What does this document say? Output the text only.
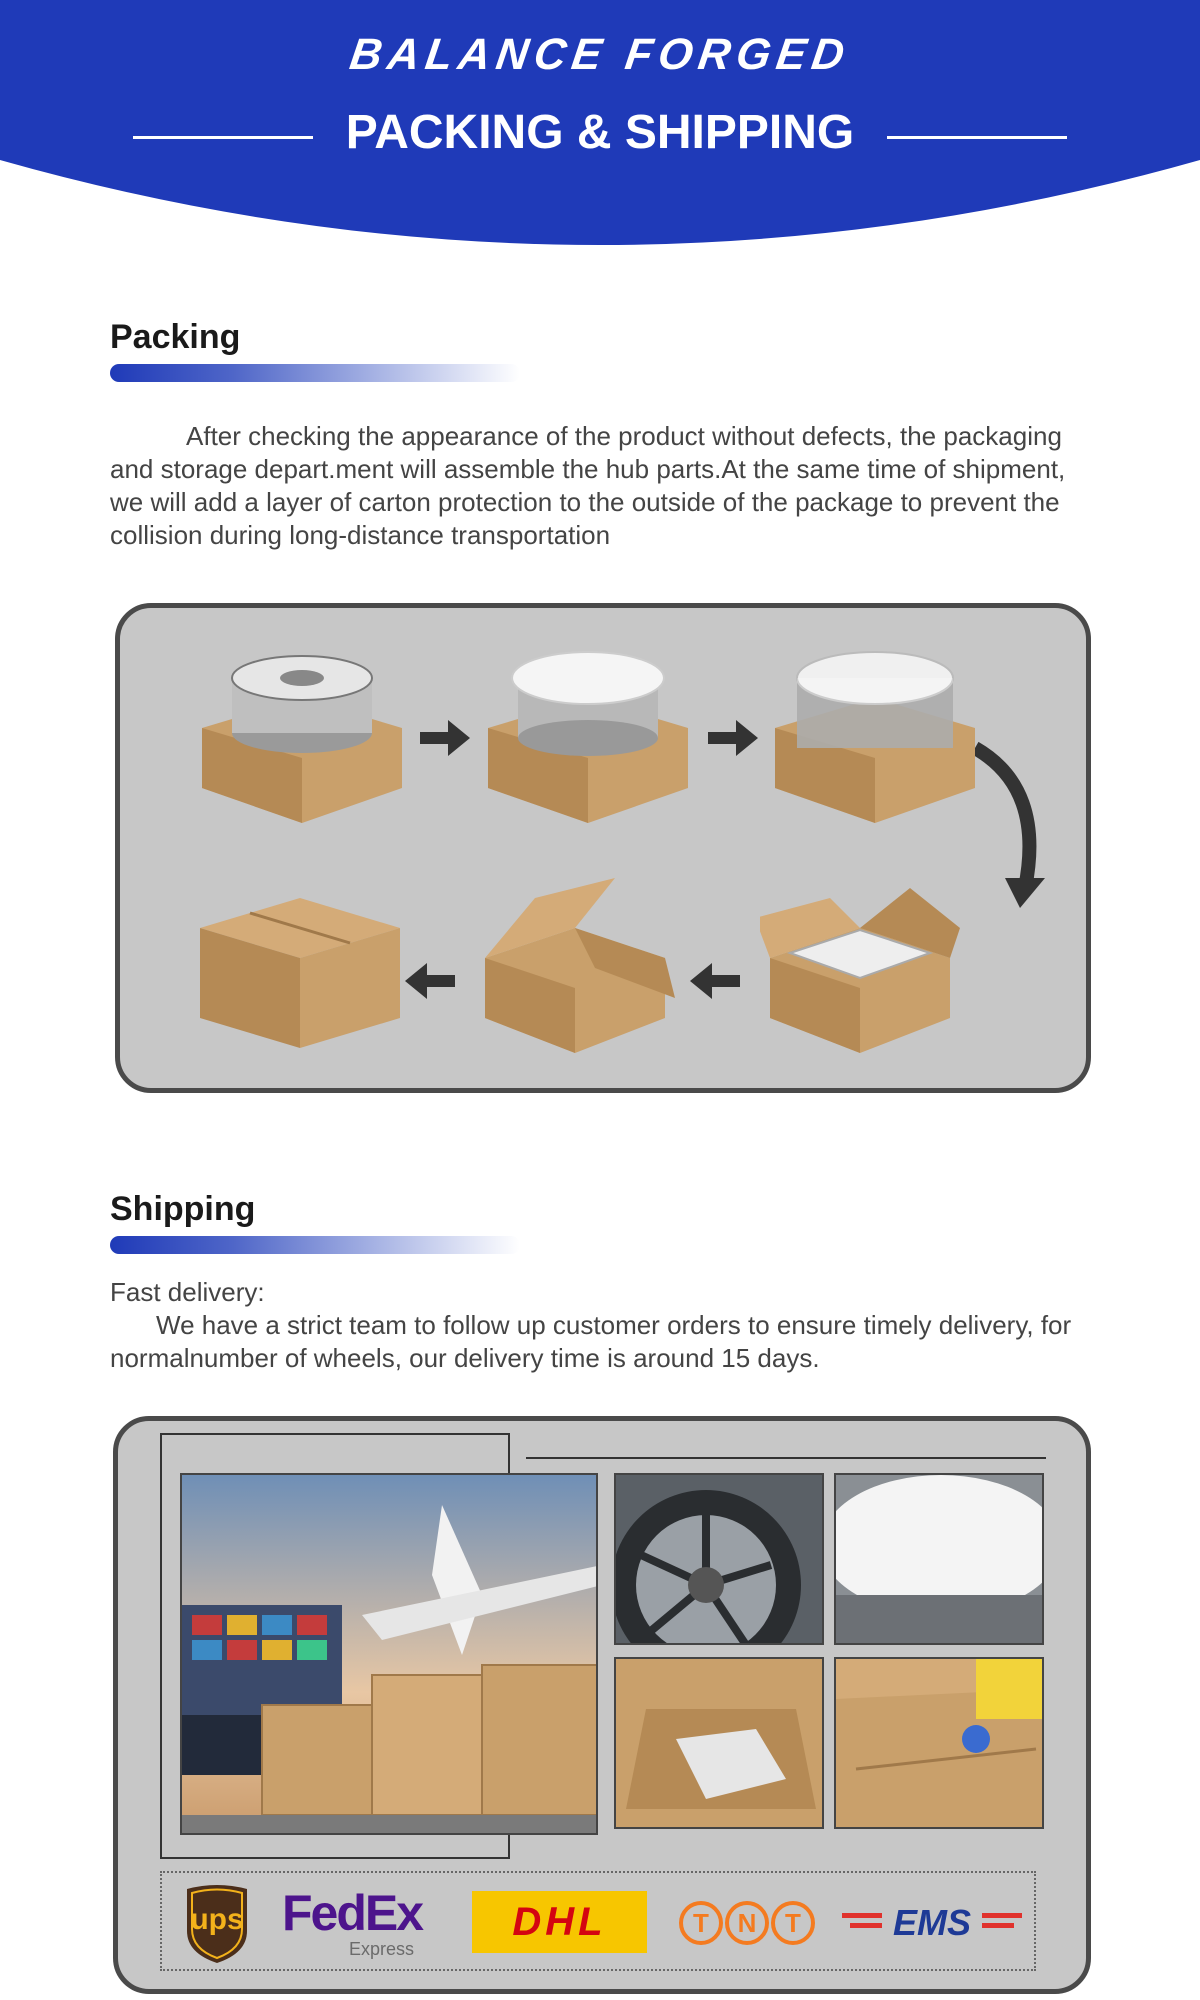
BALANCE FORGED
PACKING & SHIPPING
Packing
After checking the appearance of the product without defects, the packaging and storage depart.ment will assemble the hub parts.At the same time of shipment, we will add a layer of carton protection to the outside of the package to prevent the collision during long-distance transportation
Shipping
Fast delivery:
We have a strict team to follow up customer orders to ensure timely delivery, for normalnumber of wheels, our delivery time is around 15 days.
ups FedEx
Express
DHL	T	N	T	EMS
